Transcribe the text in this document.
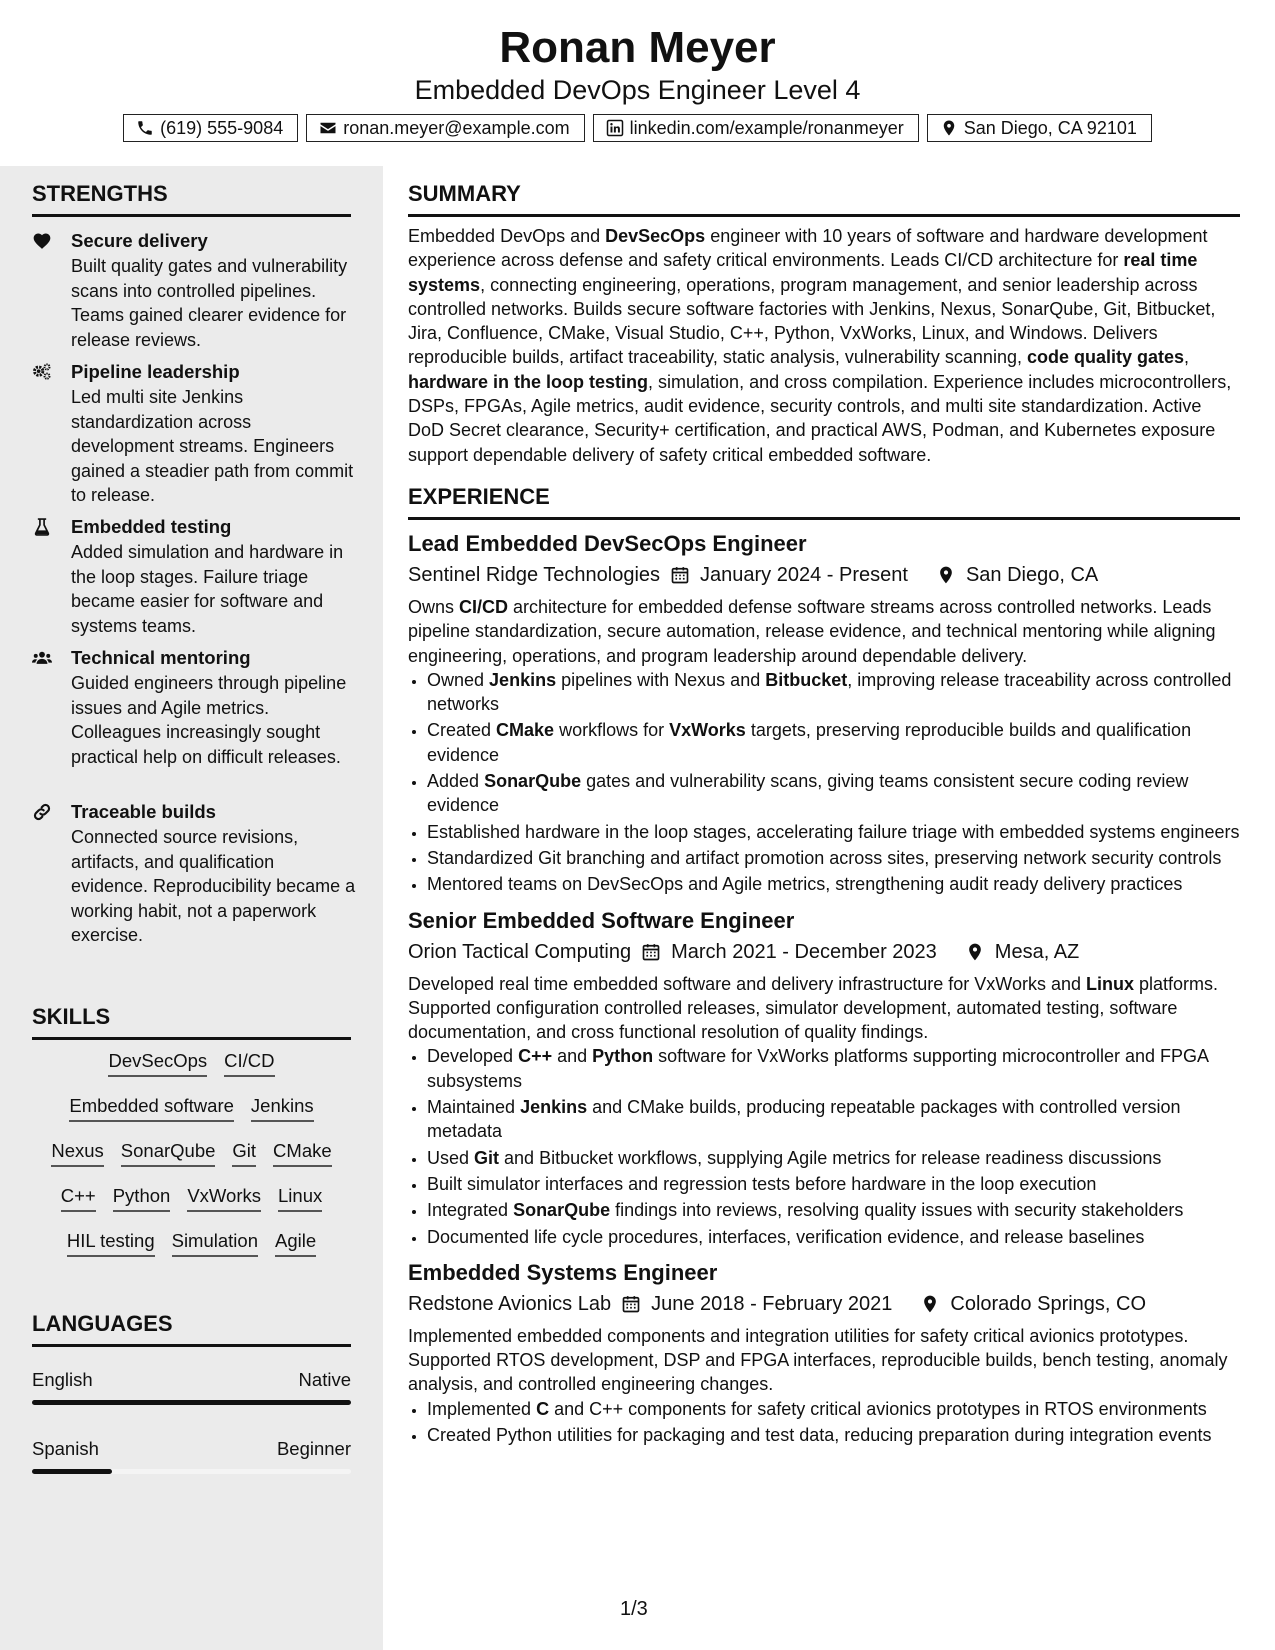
Ronan Meyer
Embedded DevOps Engineer Level 4
(619) 555-9084	ronan.meyer@example.com	linkedin.com/example/ronanmeyer	San Diego, CA 92101
STRENGTHS
Secure delivery
Built quality gates and vulnerability scans into controlled pipelines. Teams gained clearer evidence for release reviews.
Pipeline leadership
Led multi site Jenkins standardization across development streams. Engineers gained a steadier path from commit to release.
Embedded testing
Added simulation and hardware in the loop stages. Failure triage became easier for software and systems teams.
Technical mentoring
Guided engineers through pipeline issues and Agile metrics. Colleagues increasingly sought practical help on difficult releases.
Traceable builds
Connected source revisions, artifacts, and qualification evidence. Reproducibility became a working habit, not a paperwork exercise.
SKILLS
DevSecOps CI/CD
Embedded software Jenkins
Nexus SonarQube Git CMake
C++ Python VxWorks Linux
HIL testing Simulation Agile
LANGUAGES
English	Native
Spanish	Beginner
SUMMARY
Embedded DevOps and DevSecOps engineer with 10 years of software and hardware development experience across defense and safety critical environments. Leads CI/CD architecture for real time systems, connecting engineering, operations, program management, and senior leadership across controlled networks. Builds secure software factories with Jenkins, Nexus, SonarQube, Git, Bitbucket, Jira, Confluence, CMake, Visual Studio, C++, Python, VxWorks, Linux, and Windows. Delivers reproducible builds, artifact traceability, static analysis, vulnerability scanning, code quality gates, hardware in the loop testing, simulation, and cross compilation. Experience includes microcontrollers, DSPs, FPGAs, Agile metrics, audit evidence, security controls, and multi site standardization. Active DoD Secret clearance, Security+ certification, and practical AWS, Podman, and Kubernetes exposure support dependable delivery of safety critical embedded software.
EXPERIENCE
Lead Embedded DevSecOps Engineer
Sentinel Ridge Technologies January 2024 - Present	San Diego, CA
Owns CI/CD architecture for embedded defense software streams across controlled networks. Leads pipeline standardization, secure automation, release evidence, and technical mentoring while aligning engineering, operations, and program leadership around dependable delivery.
• Owned Jenkins pipelines with Nexus and Bitbucket, improving release traceability across controlled networks
• Created CMake workflows for VxWorks targets, preserving reproducible builds and qualification evidence
• Added SonarQube gates and vulnerability scans, giving teams consistent secure coding review evidence
• Established hardware in the loop stages, accelerating failure triage with embedded systems engineers
• Standardized Git branching and artifact promotion across sites, preserving network security controls
• Mentored teams on DevSecOps and Agile metrics, strengthening audit ready delivery practices
Senior Embedded Software Engineer
Orion Tactical Computing March 2021 - December 2023	Mesa, AZ
Developed real time embedded software and delivery infrastructure for VxWorks and Linux platforms. Supported configuration controlled releases, simulator development, automated testing, software documentation, and cross functional resolution of quality findings.
• Developed C++ and Python software for VxWorks platforms supporting microcontroller and FPGA subsystems
• Maintained Jenkins and CMake builds, producing repeatable packages with controlled version metadata
• Used Git and Bitbucket workflows, supplying Agile metrics for release readiness discussions
• Built simulator interfaces and regression tests before hardware in the loop execution
• Integrated SonarQube findings into reviews, resolving quality issues with security stakeholders
• Documented life cycle procedures, interfaces, verification evidence, and release baselines
Embedded Systems Engineer
Redstone Avionics Lab June 2018 - February 2021	Colorado Springs, CO
Implemented embedded components and integration utilities for safety critical avionics prototypes. Supported RTOS development, DSP and FPGA interfaces, reproducible builds, bench testing, anomaly analysis, and controlled engineering changes.
• Implemented C and C++ components for safety critical avionics prototypes in RTOS environments
• Created Python utilities for packaging and test data, reducing preparation during integration events
1/3
